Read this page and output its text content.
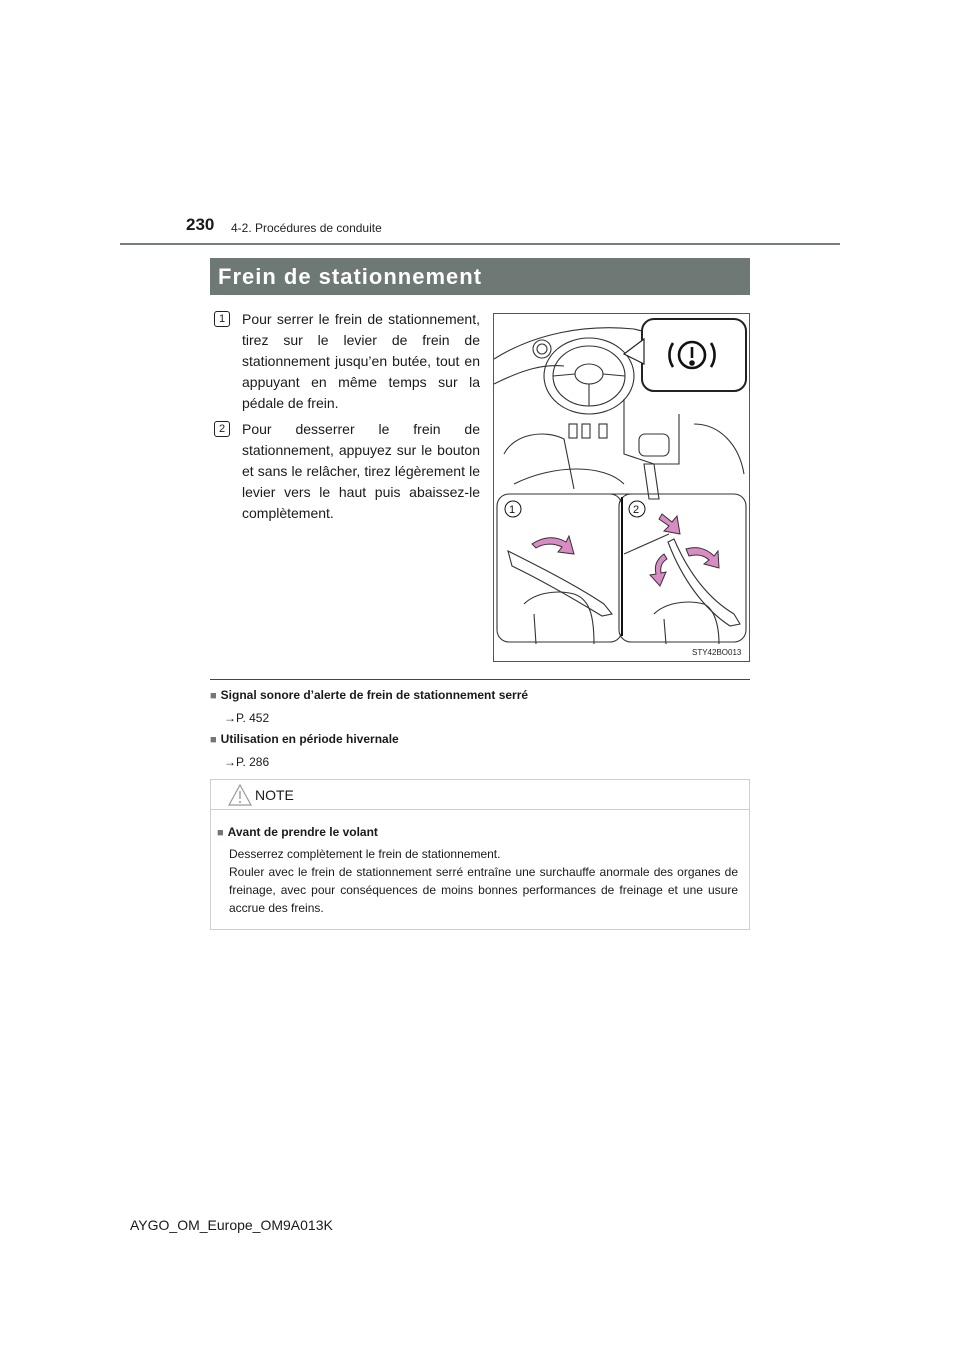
230 4-2. Procédures de conduite
Frein de stationnement
1	Pour serrer le frein de stationnement, tirez sur le levier de frein de stationnement jusqu’en butée, tout en appuyant en même temps sur la pédale de frein.
2	Pour desserrer le frein de stationnement, appuyez sur le bouton et sans le relâcher, tirez légèrement le levier vers le haut puis abaissez-le complètement.	1	2
STY42BO013
■ Signal sonore d’alerte de frein de stationnement serré
→P. 452
■ Utilisation en période hivernale
→P. 286
NOTE
■ Avant de prendre le volant

Desserrez complètement le frein de stationnement.

Rouler avec le frein de stationnement serré entraîne une surchauffe anormale des organes de freinage, avec pour conséquences de moins bonnes performances de freinage et une usure accrue des freins.

AYGO_OM_Europe_OM9A013K
